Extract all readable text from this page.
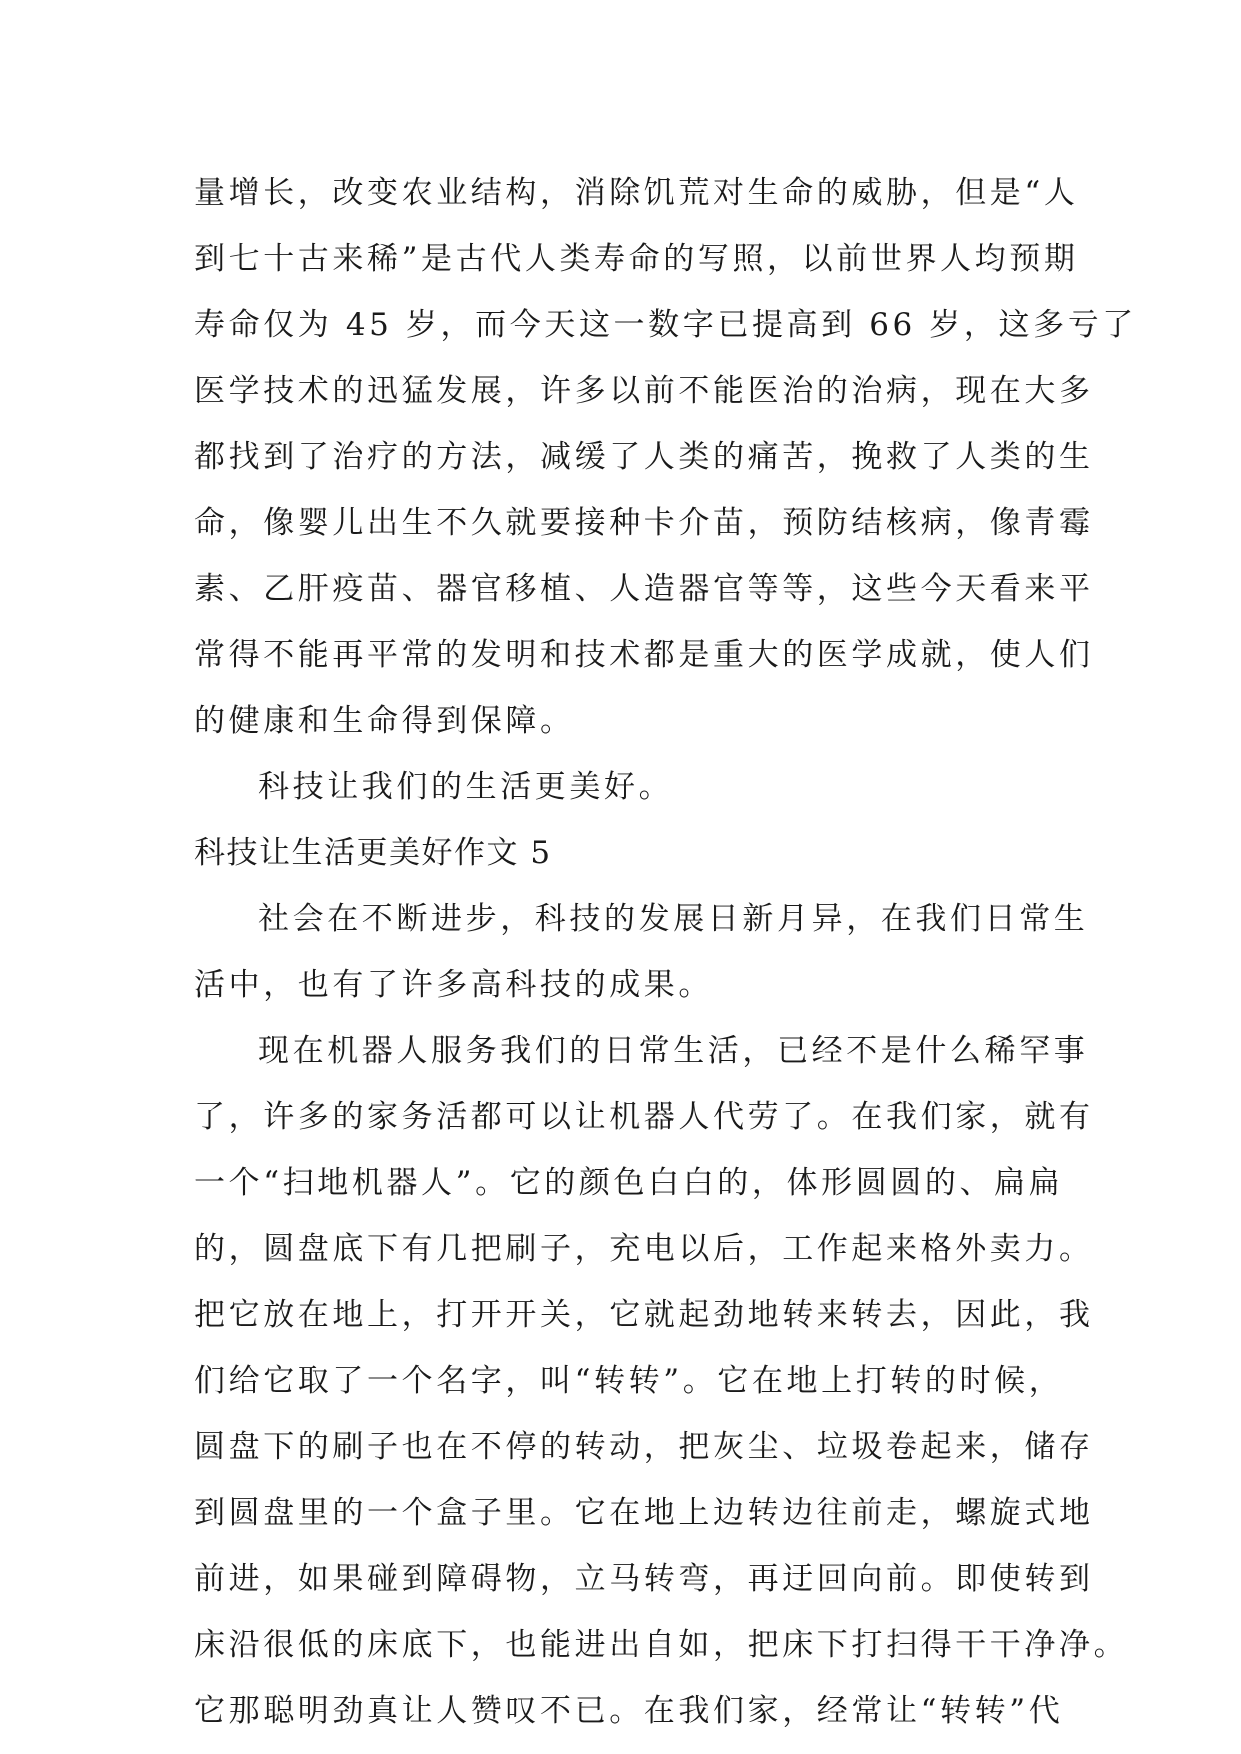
量增长，改变农业结构，消除饥荒对生命的威胁，但是“人
到七十古来稀”是古代人类寿命的写照，以前世界人均预期
寿命仅为 45 岁，而今天这一数字已提高到 66 岁，这多亏了
医学技术的迅猛发展，许多以前不能医治的治病，现在大多
都找到了治疗的方法，减缓了人类的痛苦，挽救了人类的生
命，像婴儿出生不久就要接种卡介苗，预防结核病，像青霉
素、乙肝疫苗、器官移植、人造器官等等，这些今天看来平
常得不能再平常的发明和技术都是重大的医学成就，使人们
的健康和生命得到保障。
科技让我们的生活更美好。
科技让生活更美好作文 5
社会在不断进步，科技的发展日新月异，在我们日常生
活中，也有了许多高科技的成果。
现在机器人服务我们的日常生活，已经不是什么稀罕事
了，许多的家务活都可以让机器人代劳了。在我们家，就有
一个“扫地机器人”。它的颜色白白的，体形圆圆的、扁扁
的，圆盘底下有几把刷子，充电以后，工作起来格外卖力。
把它放在地上，打开开关，它就起劲地转来转去，因此，我
们给它取了一个名字，叫“转转”。它在地上打转的时候，
圆盘下的刷子也在不停的转动，把灰尘、垃圾卷起来，储存
到圆盘里的一个盒子里。它在地上边转边往前走，螺旋式地
前进，如果碰到障碍物，立马转弯，再迂回向前。即使转到
床沿很低的床底下，也能进出自如，把床下打扫得干干净净。
它那聪明劲真让人赞叹不已。在我们家，经常让“转转”代
